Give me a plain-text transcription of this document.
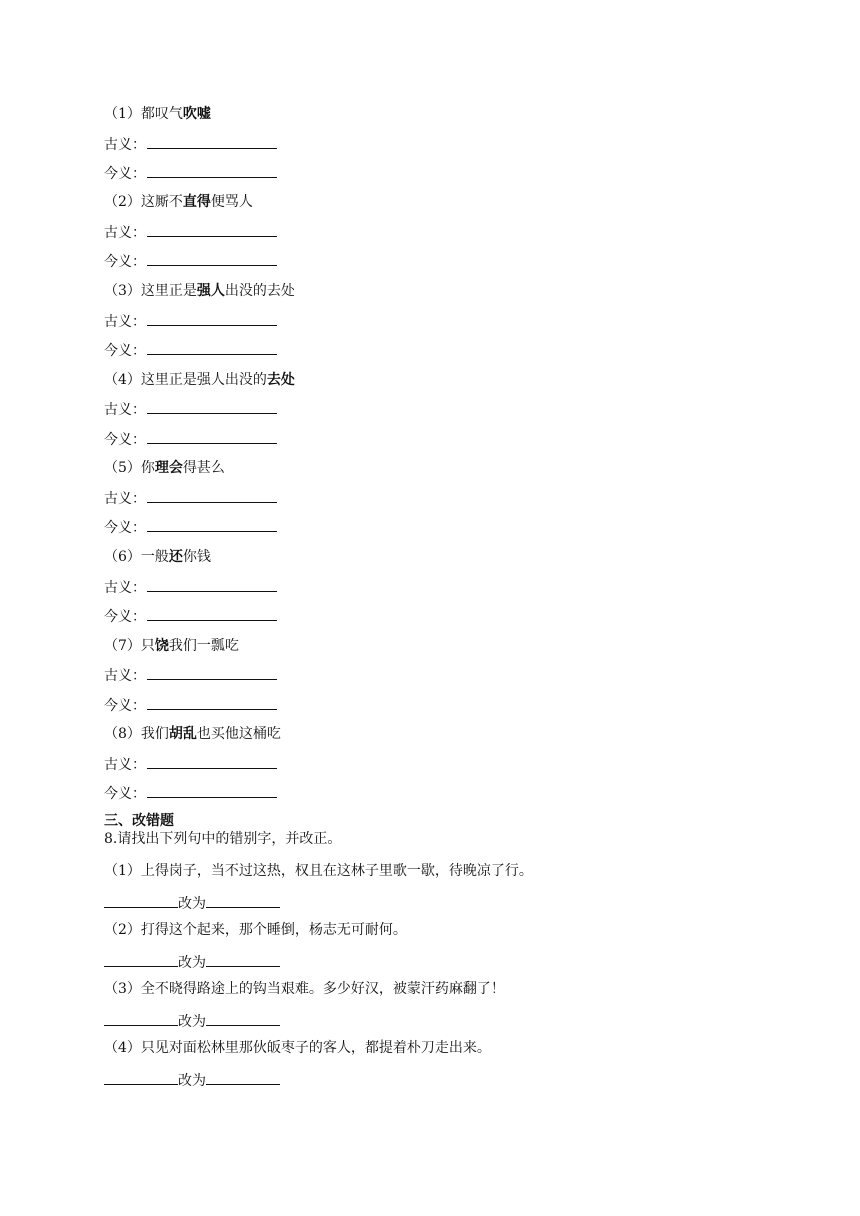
（1）都叹气吹嘘
古义：
今义：
（2）这厮不直得便骂人
古义：
今义：
（3）这里正是强人出没的去处
古义：
今义：
（4）这里正是强人出没的去处
古义：
今义：
（5）你理会得甚么
古义：
今义：
（6）一般还你钱
古义：
今义：
（7）只饶我们一瓢吃
古义：
今义：
（8）我们胡乱也买他这桶吃
古义：
今义：
三、改错题
8.请找出下列句中的错别字，并改正。
（1）上得岗子，当不过这热，权且在这林子里歌一歇，待晚凉了行。
改为
（2）打得这个起来，那个睡倒，杨志无可耐何。
改为
（3）全不晓得路途上的钩当艰难。多少好汉，被蒙汗药麻翻了！
改为
（4）只见对面松林里那伙皈枣子的客人，都提着朴刀走出来。
改为
